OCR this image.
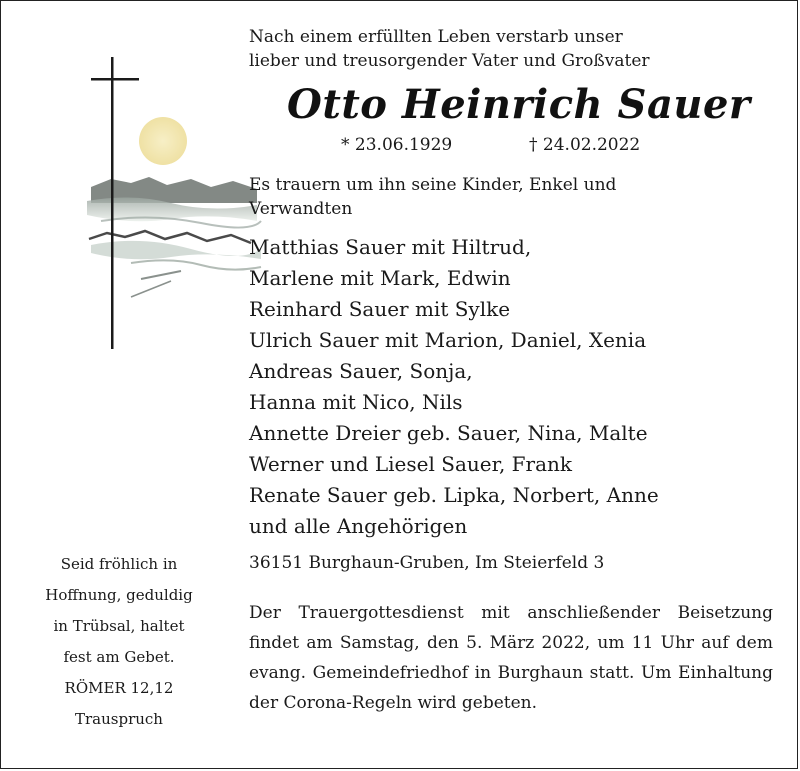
Nach einem erfüllten Leben verstarb unser
lieber und treusorgender Vater und Großvater
Otto Heinrich Sauer
* 23.06.1929	† 24.02.2022
Es trauern um ihn seine Kinder, Enkel und
Verwandten
Matthias Sauer mit Hiltrud,
Marlene mit Mark, Edwin
Reinhard Sauer mit Sylke
Ulrich Sauer mit Marion, Daniel, Xenia
Andreas Sauer, Sonja,
Hanna mit Nico, Nils
Annette Dreier geb. Sauer, Nina, Malte
Werner und Liesel Sauer, Frank
Renate Sauer geb. Lipka, Norbert, Anne
und alle Angehörigen
36151 Burghaun-Gruben, Im Steierfeld 3

Der Trauergottesdienst mit anschließender Beisetzung findet am Samstag, den 5. März 2022, um 11 Uhr auf dem evang. Gemeindefriedhof in Burghaun statt. Um Einhaltung der Corona-Regeln wird gebeten.

Seid fröhlich in
Hoffnung, geduldig
in Trübsal, haltet
fest am Gebet.
RÖMER 12,12
Trauspruch
